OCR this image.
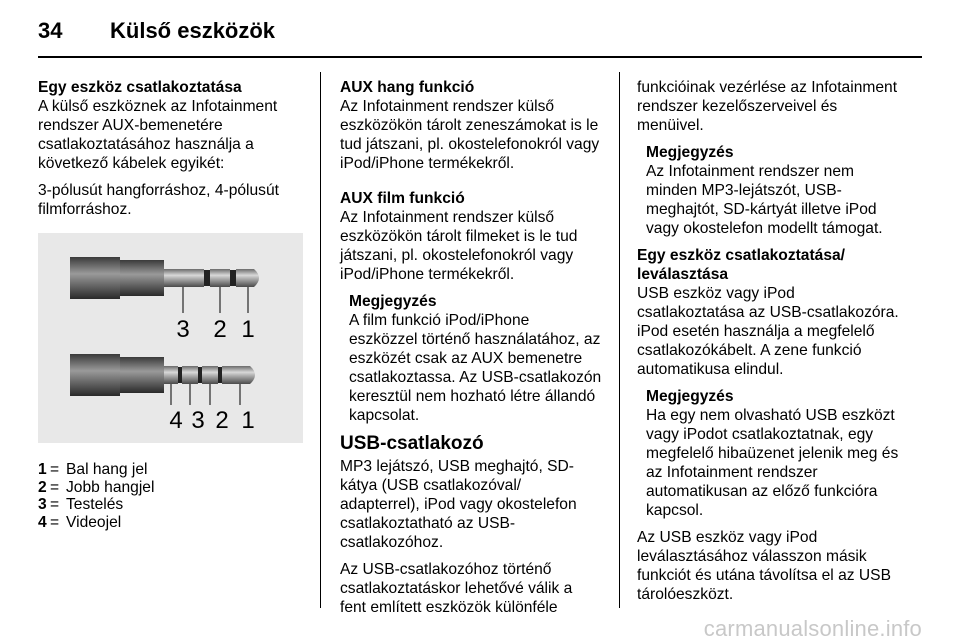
34 Külső eszközök

Egy eszköz csatlakoztatása

A külső eszköznek az Infotainment rendszer AUX-bemenetére csatlakoztatásához használja a következő kábelek egyikét:

3-pólusút hangforráshoz, 4-pólusút filmforráshoz.

3 2 1
4 3 2 1
1 = Bal hang jel
2 = Jobb hangjel
3 = Testelés
4 = Videojel

AUX hang funkció

Az Infotainment rendszer külső eszközökön tárolt zeneszámokat is le tud játszani, pl. okostelefonokról vagy iPod/iPhone termékekről.

AUX film funkció

Az Infotainment rendszer külső eszközökön tárolt filmeket is le tud játszani, pl. okostelefonokról vagy iPod/iPhone termékekről.

Megjegyzés
A film funkció iPod/iPhone eszközzel történő használatához, az eszközét csak az AUX bemenetre csatlakoztassa. Az USB-csatlakozón keresztül nem hozható létre állandó kapcsolat.
USB-csatlakozó

MP3 lejátszó, USB meghajtó, SD-kátya (USB csatlakozóval/ adapterrel), iPod vagy okostelefon csatlakoztatható az USB-csatlakozóhoz.

Az USB-csatlakozóhoz történő csatlakoztatáskor lehetővé válik a fent említett eszközök különféle

funkcióinak vezérlése az Infotainment rendszer kezelőszerveivel és menüivel.

Megjegyzés
Az Infotainment rendszer nem minden MP3-lejátszót, USB-meghajtót, SD-kártyát illetve iPod vagy okostelefon modellt támogat.

Egy eszköz csatlakoztatása/ leválasztása

USB eszköz vagy iPod csatlakoztatása az USB-csatlakozóra. iPod esetén használja a megfelelő csatlakozókábelt. A zene funkció automatikusa elindul.

Megjegyzés
Ha egy nem olvasható USB eszközt vagy iPodot csatlakoztatnak, egy megfelelő hibaüzenet jelenik meg és az Infotainment rendszer automatikusan az előző funkcióra kapcsol.

Az USB eszköz vagy iPod leválasztásához válasszon másik funkciót és utána távolítsa el az USB tárolóeszközt.

carmanualsonline.info
